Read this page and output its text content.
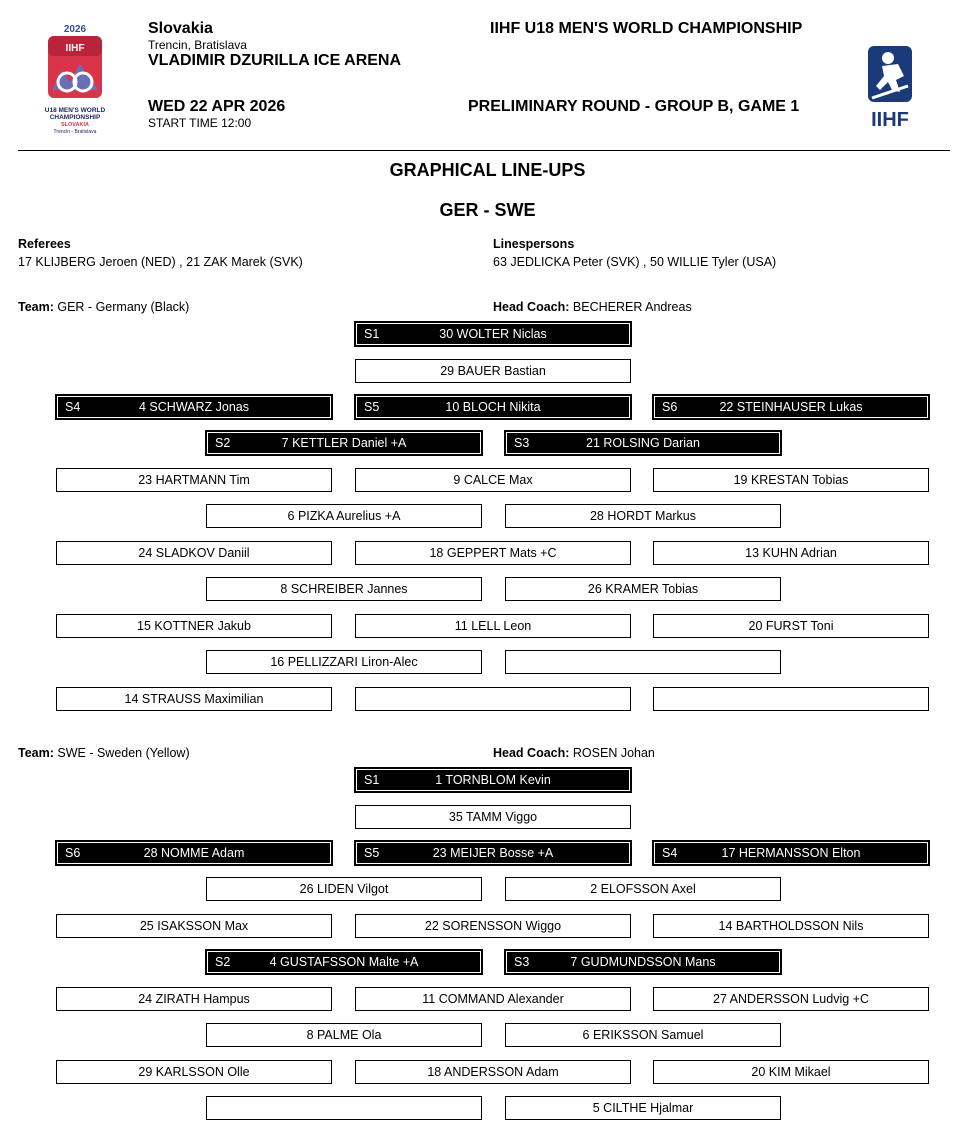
2026
IIHF
U18 MEN'S WORLD
CHAMPIONSHIP
SLOVAKIA
Trencin - Bratislava
Slovakia
Trencin, Bratislava
VLADIMIR DZURILLA ICE ARENA
WED 22 APR 2026
START TIME 12:00
IIHF U18 MEN'S WORLD CHAMPIONSHIP
PRELIMINARY ROUND - GROUP B, GAME 1
IIHF
GRAPHICAL LINE-UPS
GER - SWE
Referees
17 KLIJBERG Jeroen (NED) , 21 ZAK Marek (SVK)
Linespersons
63 JEDLICKA Peter (SVK) , 50 WILLIE Tyler (USA)
Team: GER - Germany (Black)	Head Coach: BECHERER Andreas
S1	30 WOLTER Niclas
29 BAUER Bastian
S4	4 SCHWARZ Jonas	S5	10 BLOCH Nikita	S6	22 STEINHAUSER Lukas
S2	7 KETTLER Daniel +A	S3	21 ROLSING Darian
23 HARTMANN Tim	9 CALCE Max	19 KRESTAN Tobias
6 PIZKA Aurelius +A	28 HORDT Markus
24 SLADKOV Daniil	18 GEPPERT Mats +C	13 KUHN Adrian
8 SCHREIBER Jannes	26 KRAMER Tobias
15 KOTTNER Jakub	11 LELL Leon	20 FURST Toni
16 PELLIZZARI Liron-Alec
14 STRAUSS Maximilian
Team: SWE - Sweden (Yellow)	Head Coach: ROSEN Johan
S1	1 TORNBLOM Kevin
35 TAMM Viggo
S6	28 NOMME Adam	S5	23 MEIJER Bosse +A	S4	17 HERMANSSON Elton
26 LIDEN Vilgot	2 ELOFSSON Axel
25 ISAKSSON Max	22 SORENSSON Wiggo	14 BARTHOLDSSON Nils
S2	4 GUSTAFSSON Malte +A	S3	7 GUDMUNDSSON Mans
24 ZIRATH Hampus	11 COMMAND Alexander	27 ANDERSSON Ludvig +C
8 PALME Ola	6 ERIKSSON Samuel
29 KARLSSON Olle	18 ANDERSSON Adam	20 KIM Mikael
5 CILTHE Hjalmar
